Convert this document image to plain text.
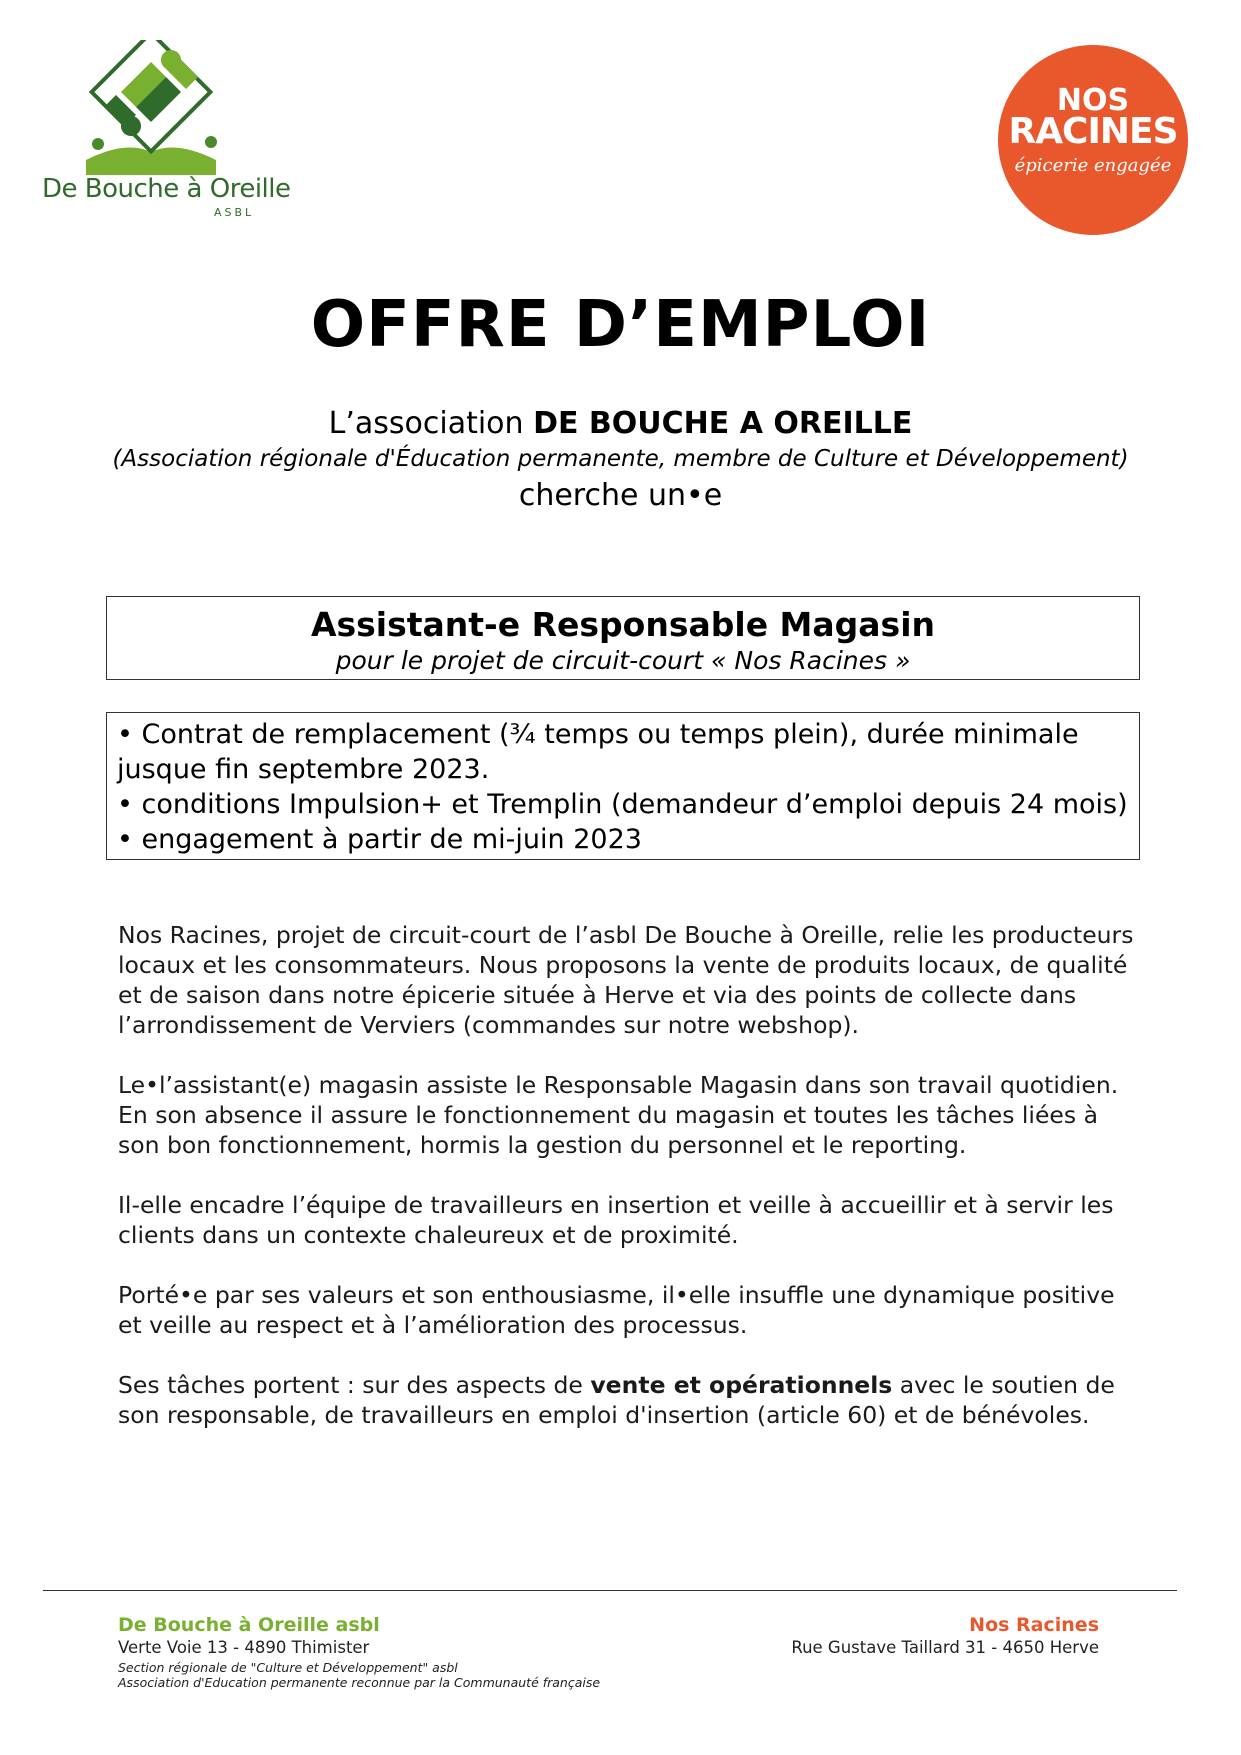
De Bouche à Oreille
ASBL
NOS
RACINES
épicerie engagée
OFFRE D’EMPLOI
L’association DE BOUCHE A OREILLE
(Association régionale d'Éducation permanente, membre de Culture et Développement)
cherche un•e
Assistant-e Responsable Magasin
pour le projet de circuit-court « Nos Racines »
• Contrat de remplacement (¾ temps ou temps plein), durée minimale
jusque fin septembre 2023.
• conditions Impulsion+ et Tremplin (demandeur d’emploi depuis 24 mois)
• engagement à partir de mi-juin 2023

Nos Racines, projet de circuit-court de l’asbl De Bouche à Oreille, relie les producteurs locaux et les consommateurs. Nous proposons la vente de produits locaux, de qualité et de saison dans notre épicerie située à Herve et via des points de collecte dans l’arrondissement de Verviers (commandes sur notre webshop).

Le•l’assistant(e) magasin assiste le Responsable Magasin dans son travail quotidien. En son absence il assure le fonctionnement du magasin et toutes les tâches liées à son bon fonctionnement, hormis la gestion du personnel et le reporting.

Il-elle encadre l’équipe de travailleurs en insertion et veille à accueillir et à servir les clients dans un contexte chaleureux et de proximité.

Porté•e par ses valeurs et son enthousiasme, il•elle insuffle une dynamique positive et veille au respect et à l’amélioration des processus.

Ses tâches portent : sur des aspects de vente et opérationnels avec le soutien de son responsable, de travailleurs en emploi d'insertion (article 60) et de bénévoles.

De Bouche à Oreille asbl
Verte Voie 13 - 4890 Thimister
Section régionale de "Culture et Développement" asbl
Association d'Education permanente reconnue par la Communauté française
Nos Racines
Rue Gustave Taillard 31 - 4650 Herve
